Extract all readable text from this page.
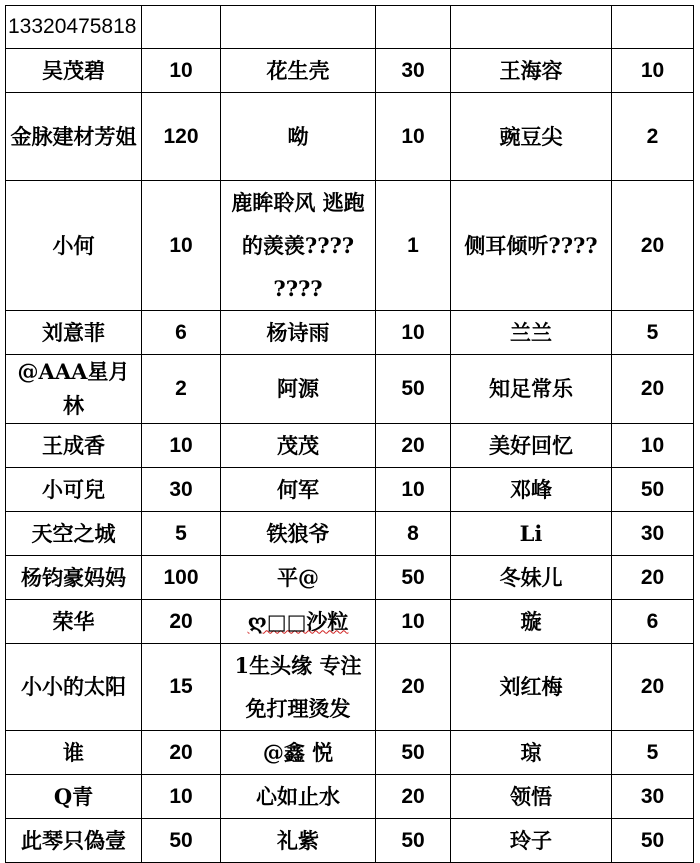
13320475818					
吴茂碧	10	花生壳	30	王海容	10
金脉建材芳姐	120	呦	10	豌豆尖	2
小何	10	鹿眸聆风 逃跑的羡羡???? ????	1	侧耳倾听????	20
刘意菲	6	杨诗雨	10	兰兰	5
@AAA星月林	2	阿源	50	知足常乐	20
王成香	10	茂茂	20	美好回忆	10
小可兒	30	何军	10	邓峰	50
天空之城	5	铁狼爷	8	Li	30
杨钧豪妈妈	100	平@	50	冬妹儿	20
荣华	20	ღ□□沙粒	10	璇	6
小小的太阳	15	1生头缘 专注免打理烫发	20	刘红梅	20
谁	20	@鑫 悦	50	琼	5
Q青	10	心如止水	20	领悟	30
此琴只偽壹	50	礼紫	50	玲子	50
